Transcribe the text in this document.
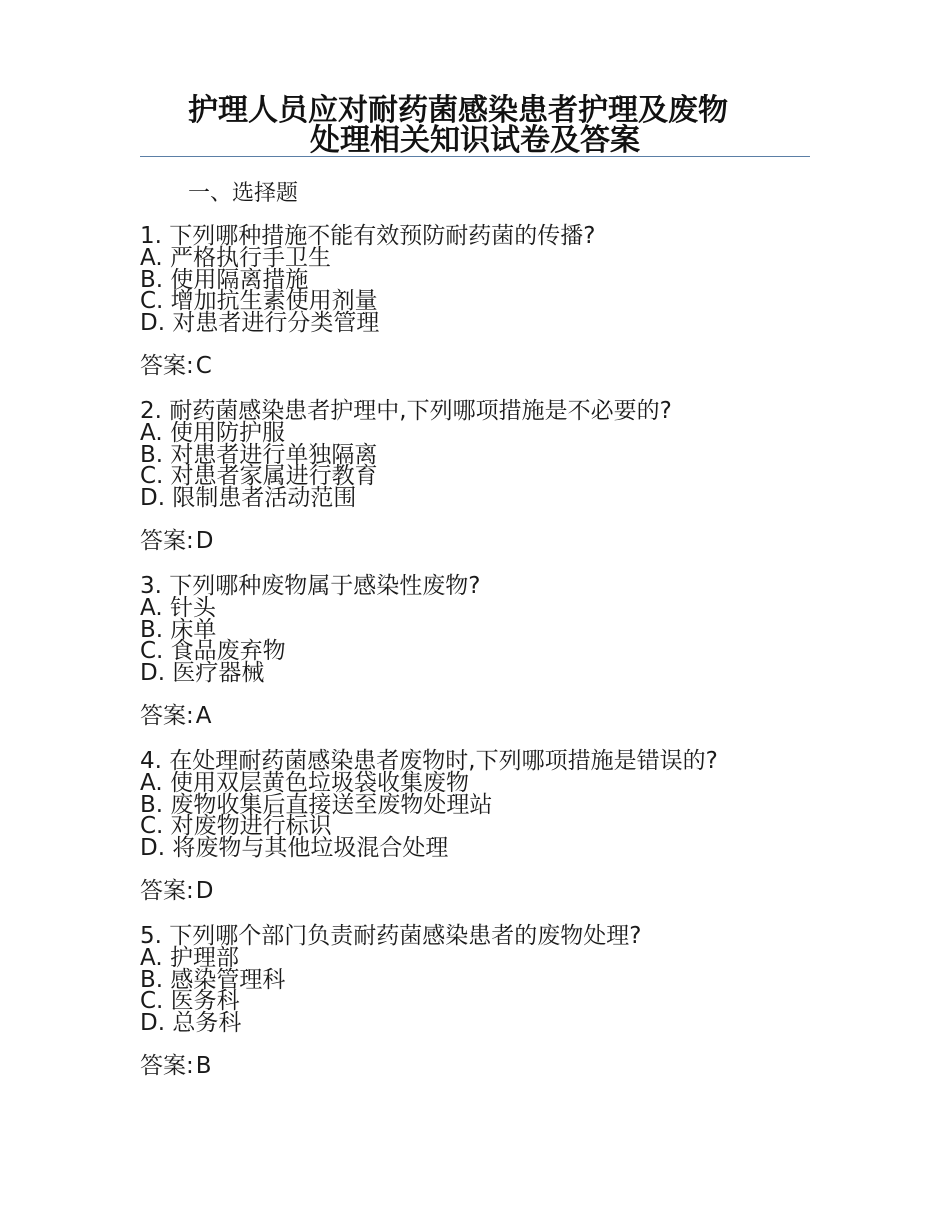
护理人员应对耐药菌感染患者护理及废物
处理相关知识试卷及答案
一、选择题
1. 下列哪种措施不能有效预防耐药菌的传播?
A. 严格执行手卫生
B. 使用隔离措施
C. 增加抗生素使用剂量
D. 对患者进行分类管理
答案:C
2. 耐药菌感染患者护理中,下列哪项措施是不必要的?
A. 使用防护服
B. 对患者进行单独隔离
C. 对患者家属进行教育
D. 限制患者活动范围
答案:D
3. 下列哪种废物属于感染性废物?
A. 针头
B. 床单
C. 食品废弃物
D. 医疗器械
答案:A
4. 在处理耐药菌感染患者废物时,下列哪项措施是错误的?
A. 使用双层黄色垃圾袋收集废物
B. 废物收集后直接送至废物处理站
C. 对废物进行标识
D. 将废物与其他垃圾混合处理
答案:D
5. 下列哪个部门负责耐药菌感染患者的废物处理?
A. 护理部
B. 感染管理科
C. 医务科
D. 总务科
答案:B
